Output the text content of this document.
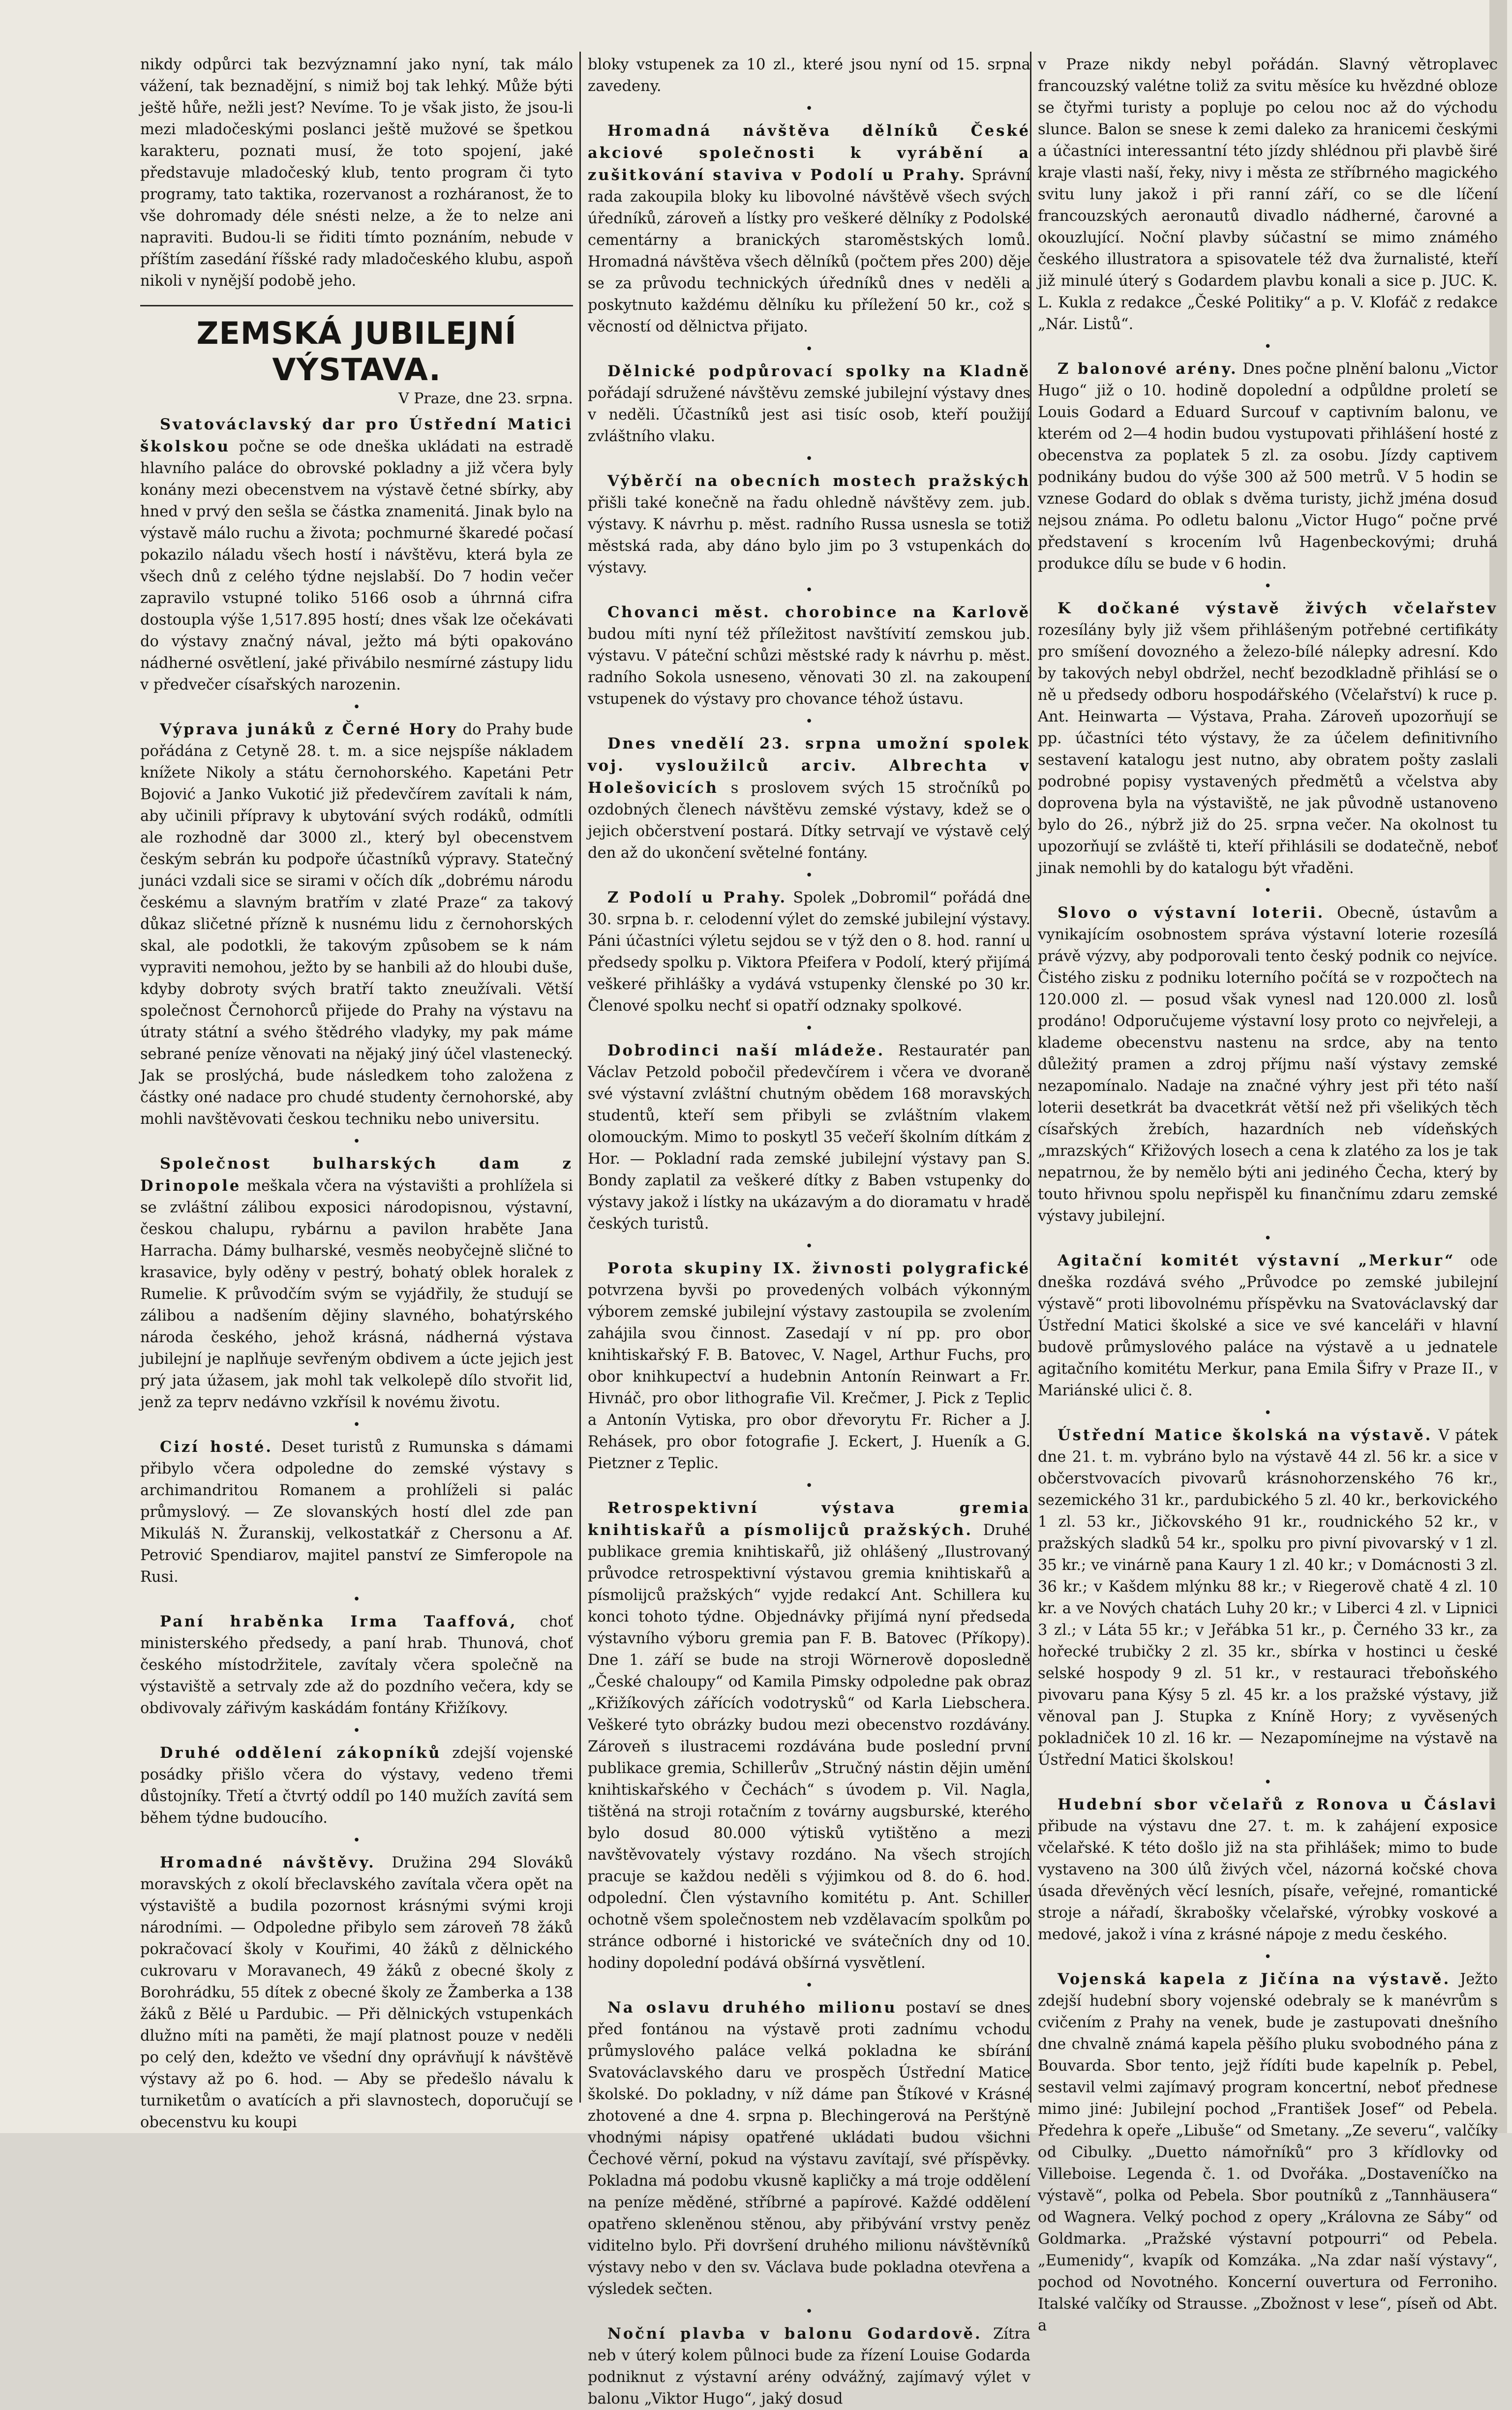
nikdy odpůrci tak bezvýznamní jako nyní, tak málo vážení, tak beznadějní, s nimiž boj tak lehký. Může býti ještě hůře, nežli jest? Nevíme. To je však jisto, že jsou-li mezi mladočeskými poslanci ještě mužové se špetkou karakteru, poznati musí, že toto spojení, jaké představuje mladočeský klub, tento program či tyto programy, tato taktika, rozervanost a rozháranost, že to vše dohromady déle snésti nelze, a že to nelze ani napraviti. Budou-li se řiditi tímto poznáním, nebude v příštím zasedání říšské rady mladočeského klubu, aspoň nikoli v nynější podobě jeho.

ZEMSKÁ JUBILEJNÍ VÝSTAVA.
V Praze, dne 23. srpna.

Svatováclavský dar pro Ústřední Matici školskou počne se ode dneška ukládati na estradě hlavního paláce do obrovské pokladny a již včera byly konány mezi obecenstvem na výstavě četné sbírky, aby hned v prvý den sešla se částka znamenitá. Jinak bylo na výstavě málo ruchu a života; pochmurné škaredé počasí pokazilo náladu všech hostí i návštěvu, která byla ze všech dnů z celého týdne nejslabší. Do 7 hodin večer zapravilo vstupné toliko 5166 osob a úhrnná cifra dostoupla výše 1,517.895 hostí; dnes však lze očekávati do výstavy značný nával, ježto má býti opakováno nádherné osvětlení, jaké přivábilo nesmírné zástupy lidu v předvečer císařských narozenin.

•

Výprava junáků z Černé Hory do Prahy bude pořádána z Cetyně 28. t. m. a sice nejspíše nákladem knížete Nikoly a státu černohorského. Kapetáni Petr Bojović a Janko Vukotić již předevčírem zavítali k nám, aby učinili přípravy k ubytování svých rodáků, odmítli ale rozhodně dar 3000 zl., který byl obecenstvem českým sebrán ku podpoře účastníků výpravy. Statečný junáci vzdali sice se sirami v očích dík „dobrému národu českému a slavným bratřím v zlaté Praze“ za takový důkaz sličetné přízně k nusnému lidu z černohorských skal, ale podotkli, že takovým způsobem se k nám vypraviti nemohou, ježto by se hanbili až do hloubi duše, kdyby dobroty svých bratří takto zneužívali. Větší společnost Černohorců přijede do Prahy na výstavu na útraty státní a svého štědrého vladyky, my pak máme sebrané peníze věnovati na nějaký jiný účel vlastenecký. Jak se proslýchá, bude následkem toho založena z částky oné nadace pro chudé studenty černohorské, aby mohli navštěvovati českou techniku nebo universitu.

•

Společnost bulharských dam z Drinopole meškala včera na výstavišti a prohlížela si se zvláštní zálibou exposici národopisnou, výstavní, českou chalupu, rybárnu a pavilon hraběte Jana Harracha. Dámy bulharské, vesměs neobyčejně sličné to krasavice, byly oděny v pestrý, bohatý oblek horalek z Rumelie. K průvodčím svým se vyjádřily, že studují se zálibou a nadšením dějiny slavného, bohatýrského národa českého, jehož krásná, nádherná výstava jubilejní je naplňuje sevřeným obdivem a úcte jejich jest prý jata úžasem, jak mohl tak velkolepě dílo stvořit lid, jenž za teprv nedávno vzkřísil k novému životu.

•

Cizí hosté. Deset turistů z Rumunska s dámami přibylo včera odpoledne do zemské výstavy s archimandritou Romanem a prohlíželi si palác průmyslový. — Ze slovanských hostí dlel zde pan Mikuláš N. Žuranskij, velkostatkář z Chersonu a Af. Petrović Spendiarov, majitel panství ze Simferopole na Rusi.

•

Paní hraběnka Irma Taaffová, choť ministerského předsedy, a paní hrab. Thunová, choť českého místodržitele, zavítaly včera společně na výstaviště a setrvaly zde až do pozdního večera, kdy se obdivovaly zářivým kaskádám fontány Křižíkovy.

•

Druhé oddělení zákopníků zdejší vojenské posádky přišlo včera do výstavy, vedeno třemi důstojníky. Třetí a čtvrtý oddíl po 140 mužích zavítá sem během týdne budoucího.

•

Hromadné návštěvy. Družina 294 Slováků moravských z okolí břeclavského zavítala včera opět na výstaviště a budila pozornost krásnými svými kroji národními. — Odpoledne přibylo sem zároveň 78 žáků pokračovací školy v Kouřimi, 40 žáků z dělnického cukrovaru v Moravanech, 49 žáků z obecné školy z Borohrádku, 55 dítek z obecné školy ze Žamberka a 138 žáků z Bělé u Pardubic. — Při dělnických vstupenkách dlužno míti na paměti, že mají platnost pouze v neděli po celý den, kdežto ve všední dny oprávňují k návštěvě výstavy až po 6. hod. — Aby se předešlo návalu k turniketům o avatících a při slavnostech, doporučují se obecenstvu ku koupi

bloky vstupenek za 10 zl., které jsou nyní od 15. srpna zavedeny.

•

Hromadná návštěva dělníků České akciové společnosti k vyrábění a zušitkování staviva v Podolí u Prahy. Správní rada zakoupila bloky ku libovolné návštěvě všech svých úředníků, zároveň a lístky pro veškeré dělníky z Podolské cementárny a branických staroměstských lomů. Hromadná návštěva všech dělníků (počtem přes 200) děje se za průvodu technických úředníků dnes v neděli a poskytnuto každému dělníku ku příležení 50 kr., což s věcností od dělnictva přijato.

•

Dělnické podpůrovací spolky na Kladně pořádají sdružené návštěvu zemské jubilejní výstavy dnes v neděli. Účastníků jest asi tisíc osob, kteří použijí zvláštního vlaku.

•

Výběrčí na obecních mostech pražských přišli také konečně na řadu ohledně návštěvy zem. jub. výstavy. K návrhu p. měst. radního Russa usnesla se totiž městská rada, aby dáno bylo jim po 3 vstupenkách do výstavy.

•

Chovanci měst. chorobince na Karlově budou míti nyní též příležitost navštívití zemskou jub. výstavu. V páteční schůzi městské rady k návrhu p. měst. radního Sokola usneseno, věnovati 30 zl. na zakoupení vstupenek do výstavy pro chovance téhož ústavu.

•

Dnes vnedělí 23. srpna umožní spolek voj. vysloužilců arciv. Albrechta v Holešovicích s proslovem svých 15 stročníků po ozdobných členech návštěvu zemské výstavy, kdež se o jejich občerstvení postará. Dítky setrvají ve výstavě celý den až do ukončení světelné fontány.

•

Z Podolí u Prahy. Spolek „Dobromil“ pořádá dne 30. srpna b. r. celodenní výlet do zemské jubilejní výstavy. Páni účastníci výletu sejdou se v týž den o 8. hod. ranní u předsedy spolku p. Viktora Pfeifera v Podolí, který přijímá veškeré přihlášky a vydává vstupenky členské po 30 kr. Členové spolku nechť si opatří odznaky spolkové.

•

Dobrodinci naší mládeže. Restauratér pan Václav Petzold pobočil předevčírem i včera ve dvoraně své výstavní zvláštní chutným obědem 168 moravských studentů, kteří sem přibyli se zvláštním vlakem olomouckým. Mimo to poskytl 35 večeří školním dítkám z Hor. — Pokladní rada zemské jubilejní výstavy pan S. Bondy zaplatil za veškeré dítky z Baben vstupenky do výstavy jakož i lístky na ukázavým a do dioramatu v hradě českých turistů.

•

Porota skupiny IX. živnosti polygrafické potvrzena byvši po provedených volbách výkonným výborem zemské jubilejní výstavy zastoupila se zvolením zahájila svou činnost. Zasedají v ní pp. pro obor knihtiskařský F. B. Batovec, V. Nagel, Arthur Fuchs, pro obor knihkupectví a hudebnin Antonín Reinwart a Fr. Hivnáč, pro obor lithografie Vil. Krečmer, J. Pick z Teplic a Antonín Vytiska, pro obor dřevorytu Fr. Richer a J. Rehásek, pro obor fotografie J. Eckert, J. Hueník a G. Pietzner z Teplic.

•

Retrospektivní výstava gremia knihtiskařů a písmolijců pražských. Druhé publikace gremia knihtiskařů, již ohlášený „Ilustrovaný průvodce retrospektivní výstavou gremia knihtiskařů a písmolijců pražských“ vyjde redakcí Ant. Schillera ku konci tohoto týdne. Objednávky přijímá nyní předseda výstavního výboru gremia pan F. B. Batovec (Příkopy). Dne 1. září se bude na stroji Wörnerově doposledně „České chaloupy“ od Kamila Pimsky odpoledne pak obraz „Křižíkových zářících vodotrysků“ od Karla Liebschera. Veškeré tyto obrázky budou mezi obecenstvo rozdávány. Zároveň s ilustracemi rozdávána bude poslední první publikace gremia, Schillerův „Stručný nástin dějin umění knihtiskařského v Čechách“ s úvodem p. Vil. Nagla, tištěná na stroji rotačním z továrny augsburské, kterého bylo dosud 80.000 výtisků vytištěno a mezi navštěvovately výstavy rozdáno. Na všech strojích pracuje se každou neděli s výjimkou od 8. do 6. hod. odpolední. Člen výstavního komitétu p. Ant. Schiller ochotně všem společnostem neb vzdělavacím spolkům po stránce odborné i historické ve svátečních dny od 10. hodiny dopolední podává obšírná vysvětlení.

•

Na oslavu druhého milionu postaví se dnes před fontánou na výstavě proti zadnímu vchodu průmyslového paláce velká pokladna ke sbírání Svatováclavského daru ve prospěch Ústřední Matice školské. Do pokladny, v níž dáme pan Štíkové v Krásné zhotovené a dne 4. srpna p. Blechingerová na Perštýně vhodnými nápisy opatřené ukládati budou všichni Čechové věrní, pokud na výstavu zavítají, své příspěvky. Pokladna má podobu vkusně kapličky a má troje oddělení na peníze měděné, stříbrné a papírové. Každé oddělení opatřeno skleněnou stěnou, aby přibývání vrstvy peněz viditelno bylo. Při dovršení druhého milionu návštěvníků výstavy nebo v den sv. Václava bude pokladna otevřena a výsledek sečten.

•

Noční plavba v balonu Godardově. Zítra neb v úterý kolem půlnoci bude za řízení Louise Godarda podniknut z výstavní arény odvážný, zajímavý výlet v balonu „Viktor Hugo“, jaký dosud

v Praze nikdy nebyl pořádán. Slavný větroplavec francouzský valétne toliž za svitu měsíce ku hvězdné obloze se čtyřmi turisty a popluje po celou noc až do východu slunce. Balon se snese k zemi daleko za hranicemi českými a účastníci interessantní této jízdy shlédnou při plavbě širé kraje vlasti naší, řeky, nivy i města ze stříbrného magického svitu luny jakož i při ranní září, co se dle líčení francouzských aeronautů divadlo nádherné, čarovné a okouzlující. Noční plavby súčastní se mimo známého českého illustratora a spisovatele též dva žurnalisté, kteří již minulé úterý s Godardem plavbu konali a sice p. JUC. K. L. Kukla z redakce „České Politiky“ a p. V. Klofáč z redakce „Nár. Listů“.

•

Z balonové arény. Dnes počne plnění balonu „Victor Hugo“ již o 10. hodině dopolední a odpůldne proletí se Louis Godard a Eduard Surcouf v captivním balonu, ve kterém od 2—4 hodin budou vystupovati přihlášení hosté z obecenstva za poplatek 5 zl. za osobu. Jízdy captivem podnikány budou do výše 300 až 500 metrů. V 5 hodin se vznese Godard do oblak s dvěma turisty, jichž jména dosud nejsou známa. Po odletu balonu „Victor Hugo“ počne prvé představení s krocením lvů Hagenbeckovými; druhá produkce dílu se bude v 6 hodin.

•

K dočkané výstavě živých včelařstev rozesílány byly již všem přihlášeným potřebné certifikáty pro smíšení dovozného a železo-bílé nálepky adresní. Kdo by takových nebyl obdržel, nechť bezodkladně přihlásí se o ně u předsedy odboru hospodářského (Včelařství) k ruce p. Ant. Heinwarta — Výstava, Praha. Zároveň upozorňují se pp. účastníci této výstavy, že za účelem definitivního sestavení katalogu jest nutno, aby obratem pošty zaslali podrobné popisy vystavených předmětů a včelstva aby doprovena byla na výstaviště, ne jak původně ustanoveno bylo do 26., nýbrž již do 25. srpna večer. Na okolnost tu upozorňují se zvláště ti, kteří přihlásili se dodatečně, neboť jinak nemohli by do katalogu být vřaděni.

•

Slovo o výstavní loterii. Obecně, ústavům a vynikajícím osobnostem správa výstavní loterie rozesílá právě výzvy, aby podporovali tento český podnik co nejvíce. Čistého zisku z podniku loterního počítá se v rozpočtech na 120.000 zl. — posud však vynesl nad 120.000 zl. losů prodáno! Odporučujeme výstavní losy proto co nejvřeleji, a klademe obecenstvu nastenu na srdce, aby na tento důležitý pramen a zdroj příjmu naší výstavy zemské nezapomínalo. Nadaje na značné výhry jest při této naší loterii desetkrát ba dvacetkrát větší než při všelikých těch císařských žrebích, hazardních neb vídeňských „mrazských“ Křižových losech a cena k zlatého za los je tak nepatrnou, že by nemělo býti ani jediného Čecha, který by touto hřivnou spolu nepřispěl ku finančnímu zdaru zemské výstavy jubilejní.

•

Agitační komitét výstavní „Merkur“ ode dneška rozdává svého „Průvodce po zemské jubilejní výstavě“ proti libovolnému příspěvku na Svatováclavský dar Ústřední Matici školské a sice ve své kanceláři v hlavní budově průmyslového paláce na výstavě a u jednatele agitačního komitétu Merkur, pana Emila Šifry v Praze II., v Mariánské ulici č. 8.

•

Ústřední Matice školská na výstavě. V pátek dne 21. t. m. vybráno bylo na výstavě 44 zl. 56 kr. a sice v občerstvovacích pivovarů krásnohorzenského 76 kr., sezemického 31 kr., pardubického 5 zl. 40 kr., berkovického 1 zl. 53 kr., Jičkovského 91 kr., roudnického 52 kr., v pražských sladků 54 kr., spolku pro pivní pivovarský v 1 zl. 35 kr.; ve vinárně pana Kaury 1 zl. 40 kr.; v Domácnosti 3 zl. 36 kr.; v Kašdem mlýnku 88 kr.; v Riegerově chatě 4 zl. 10 kr. a ve Nových chatách Luhy 20 kr.; v Liberci 4 zl. v Lipnici 3 zl.; v Láta 55 kr.; v Jeřábka 51 kr., p. Černého 33 kr., za hořecké trubičky 2 zl. 35 kr., sbírka v hostinci u české selské hospody 9 zl. 51 kr., v restauraci třeboňského pivovaru pana Kýsy 5 zl. 45 kr. a los pražské výstavy, již věnoval pan J. Stupka z Kníně Hory; z vyvěsených pokladniček 10 zl. 16 kr. — Nezapomínejme na výstavě na Ústřední Matici školskou!

•

Hudební sbor včelařů z Ronova u Čáslavi přibude na výstavu dne 27. t. m. k zahájení exposice včelařské. K této došlo již na sta přihlášek; mimo to bude vystaveno na 300 úlů živých včel, názorná kočské chova úsada dřevěných věcí lesních, písaře, veřejné, romantické stroje a nářadí, škrabošky včelařské, výrobky voskové a medové, jakož i vína z krásné nápoje z medu českého.

•

Vojenská kapela z Jičína na výstavě. Ježto zdejší hudební sbory vojenské odebraly se k manévrům s cvičením z Prahy na venek, bude je zastupovati dnešního dne chvalně známá kapela pěšího pluku svobodného pána z Bouvarda. Sbor tento, jejž řídíti bude kapelník p. Pebel, sestavil velmi zajímavý program koncertní, neboť přednese mimo jiné: Jubilejní pochod „František Josef“ od Pebela. Předehra k opeře „Libuše“ od Smetany. „Ze severu“, valčíky od Cibulky. „Duetto námořníků“ pro 3 křídlovky od Villeboise. Legenda č. 1. od Dvořáka. „Dostaveníčko na výstavě“, polka od Pebela. Sbor poutníků z „Tannhäusera“ od Wagnera. Velký pochod z opery „Královna ze Sáby“ od Goldmarka. „Pražské výstavní potpourri“ od Pebela. „Eumenidy“, kvapík od Komzáka. „Na zdar naší výstavy“, pochod od Novotného. Koncerní ouvertura od Ferroniho. Italské valčíky od Straussе. „Zbožnost v lese“, píseň od Abt. a
